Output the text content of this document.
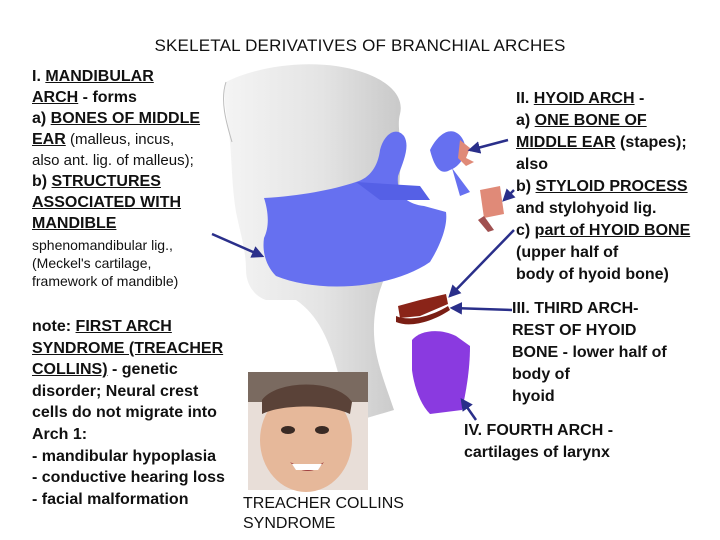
SKELETAL DERIVATIVES OF BRANCHIAL ARCHES
I. MANDIBULAR
ARCH - forms
a) BONES OF MIDDLE
EAR (malleus, incus,
also ant. lig. of malleus);
b) STRUCTURES
ASSOCIATED WITH
MANDIBLE
sphenomandibular lig.,
(Meckel's cartilage,
framework of mandible)
note: FIRST ARCH
SYNDROME (TREACHER
COLLINS) - genetic
disorder; Neural crest
cells do not migrate into
Arch 1:
- mandibular hypoplasia
- conductive hearing loss
- facial malformation	TREACHER COLLINS
SYNDROME
II. HYOID ARCH -
a) ONE BONE OF
MIDDLE EAR (stapes);
also
b) STYLOID PROCESS
and stylohyoid lig.
c) part of HYOID BONE
(upper half of
body of hyoid bone)
III. THIRD ARCH-
REST OF HYOID
BONE - lower half of
body of
hyoid
IV. FOURTH ARCH -
cartilages of larynx
